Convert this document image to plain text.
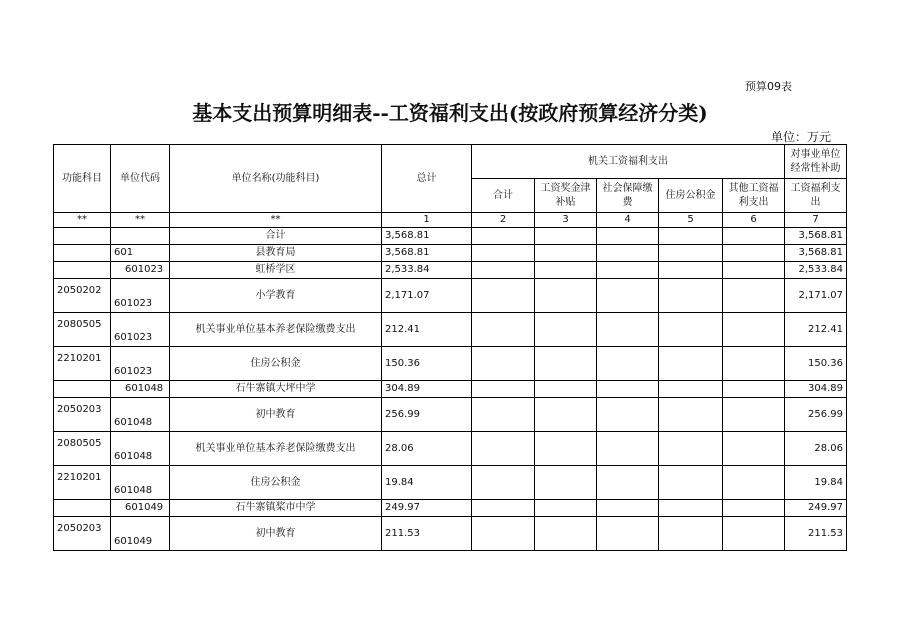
预算09表
基本支出预算明细表--工资福利支出(按政府预算经济分类)
单位：万元
功能科目	单位代码	单位名称(功能科目)	总计	机关工资福利支出					对事业单位经常性补助
				合计	工资奖金津补贴	社会保障缴费	住房公积金	其他工资福利支出	工资福利支出
**	**	**	1	2	3	4	5	6	7
		合计	3,568.81						3,568.81
	601	县教育局	3,568.81						3,568.81
	601023	虹桥学区	2,533.84						2,533.84
2050202	601023	小学教育	2,171.07						2,171.07
2080505	601023	机关事业单位基本养老保险缴费支出	212.41						212.41
2210201	601023	住房公积金	150.36						150.36
	601048	石牛寨镇大坪中学	304.89						304.89
2050203	601048	初中教育	256.99						256.99
2080505	601048	机关事业单位基本养老保险缴费支出	28.06						28.06
2210201	601048	住房公积金	19.84						19.84
	601049	石牛寨镇桨市中学	249.97						249.97
2050203	601049	初中教育	211.53						211.53
